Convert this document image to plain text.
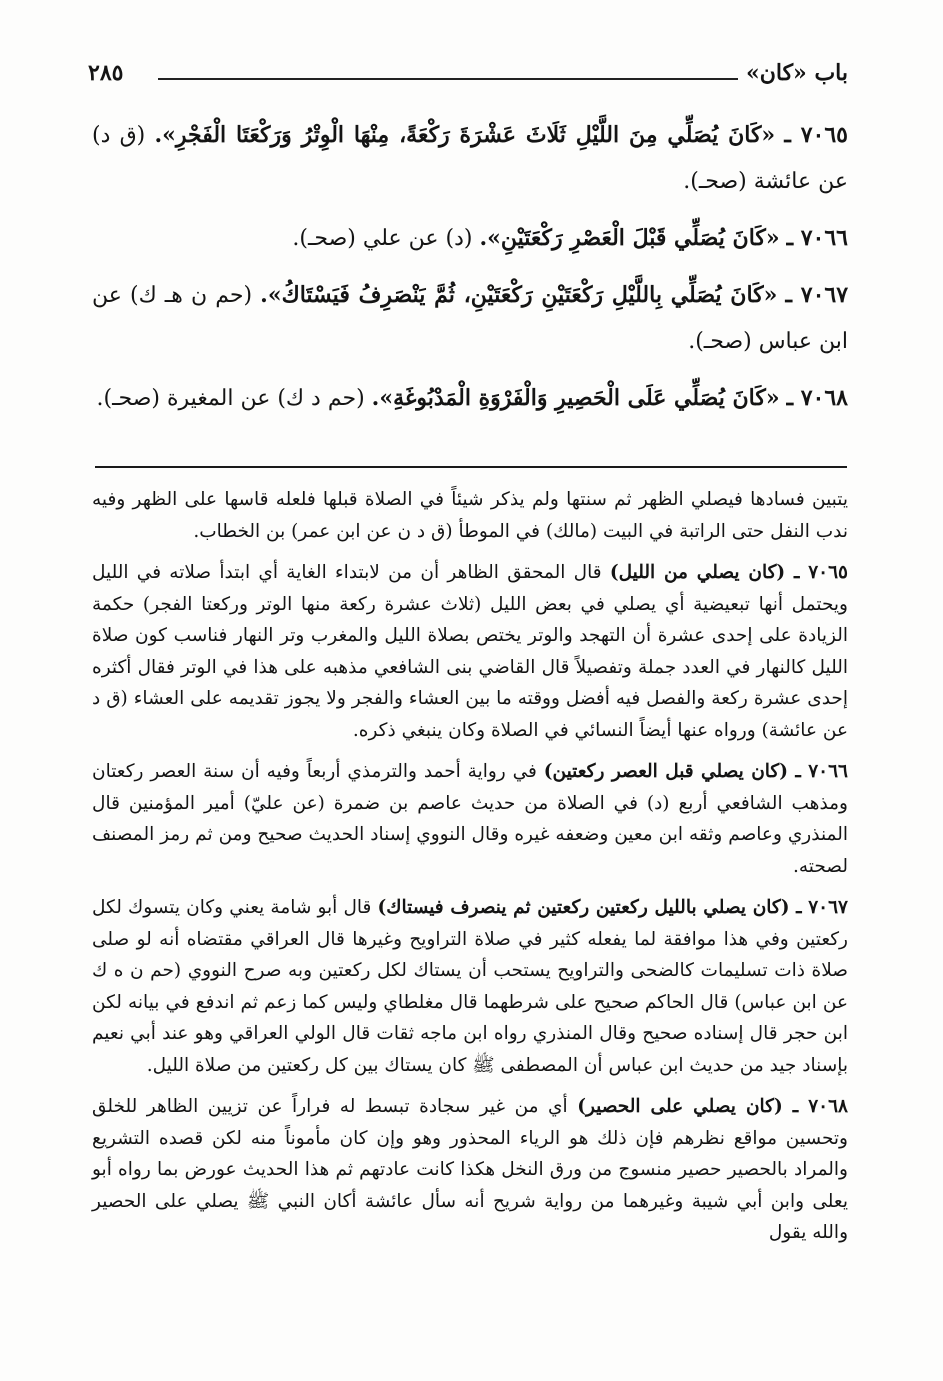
باب «كان»
٢٨٥

٧٠٦٥ ـ «كَانَ يُصَلِّي مِنَ اللَّيْلِ ثَلَاثَ عَشْرَةَ رَكْعَةً، مِنْهَا الْوِتْرُ وَرَكْعَتَا الْفَجْرِ». (ق د) عن عائشة (صحـ).

٧٠٦٦ ـ «كَانَ يُصَلِّي قَبْلَ الْعَصْرِ رَكْعَتَيْنِ». (د) عن علي (صحـ).

٧٠٦٧ ـ «كَانَ يُصَلِّي بِاللَّيْلِ رَكْعَتَيْنِ رَكْعَتَيْنِ، ثُمَّ يَنْصَرِفُ فَيَسْتَاكُ». (حم ن هـ ك) عن ابن عباس (صحـ).

٧٠٦٨ ـ «كَانَ يُصَلِّي عَلَى الْحَصِيرِ وَالْفَرْوَةِ الْمَدْبُوغَةِ». (حم د ك) عن المغيرة (صحـ).

يتبين فسادها فيصلي الظهر ثم سنتها ولم يذكر شيئاً في الصلاة قبلها فلعله قاسها على الظهر وفيه ندب النفل حتى الراتبة في البيت (مالك) في الموطأ (ق د ن عن ابن عمر) بن الخطاب.

٧٠٦٥ ـ (كان يصلي من الليل) قال المحقق الظاهر أن من لابتداء الغاية أي ابتدأ صلاته في الليل ويحتمل أنها تبعيضية أي يصلي في بعض الليل (ثلاث عشرة ركعة منها الوتر وركعتا الفجر) حكمة الزيادة على إحدى عشرة أن التهجد والوتر يختص بصلاة الليل والمغرب وتر النهار فناسب كون صلاة الليل كالنهار في العدد جملة وتفصيلاً قال القاضي بنى الشافعي مذهبه على هذا في الوتر فقال أكثره إحدى عشرة ركعة والفصل فيه أفضل ووقته ما بين العشاء والفجر ولا يجوز تقديمه على العشاء (ق د عن عائشة) ورواه عنها أيضاً النسائي في الصلاة وكان ينبغي ذكره.

٧٠٦٦ ـ (كان يصلي قبل العصر ركعتين) في رواية أحمد والترمذي أربعاً وفيه أن سنة العصر ركعتان ومذهب الشافعي أربع (د) في الصلاة من حديث عاصم بن ضمرة (عن عليّ) أمير المؤمنين قال المنذري وعاصم وثقه ابن معين وضعفه غيره وقال النووي إسناد الحديث صحيح ومن ثم رمز المصنف لصحته.

٧٠٦٧ ـ (كان يصلي بالليل ركعتين ركعتين ثم ينصرف فيستاك) قال أبو شامة يعني وكان يتسوك لكل ركعتين وفي هذا موافقة لما يفعله كثير في صلاة التراويح وغيرها قال العراقي مقتضاه أنه لو صلى صلاة ذات تسليمات كالضحى والتراويح يستحب أن يستاك لكل ركعتين وبه صرح النووي (حم ن ه ك عن ابن عباس) قال الحاكم صحيح على شرطهما قال مغلطاي وليس كما زعم ثم اندفع في بيانه لكن ابن حجر قال إسناده صحيح وقال المنذري رواه ابن ماجه ثقات قال الولي العراقي وهو عند أبي نعيم بإسناد جيد من حديث ابن عباس أن المصطفى ﷺ كان يستاك بين كل ركعتين من صلاة الليل.

٧٠٦٨ ـ (كان يصلي على الحصير) أي من غير سجادة تبسط له فراراً عن تزيين الظاهر للخلق وتحسين مواقع نظرهم فإن ذلك هو الرياء المحذور وهو وإن كان مأموناً منه لكن قصده التشريع والمراد بالحصير حصير منسوج من ورق النخل هكذا كانت عادتهم ثم هذا الحديث عورض بما رواه أبو يعلى وابن أبي شيبة وغيرهما من رواية شريح أنه سأل عائشة أكان النبي ﷺ يصلي على الحصير والله يقول
